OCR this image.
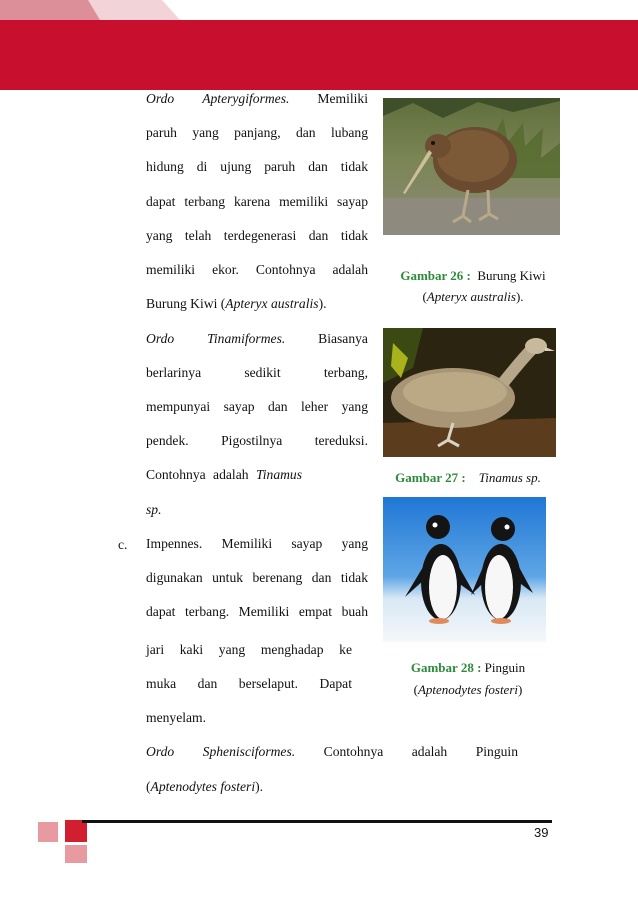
Ordo Apterygiformes. Memiliki
paruh yang panjang, dan lubang
hidung di ujung paruh dan tidak
dapat terbang karena memiliki sayap
yang telah terdegenerasi dan tidak
memiliki ekor. Contohnya adalah
Burung Kiwi (Apteryx australis).
Ordo Tinamiformes. Biasanya
berlarinya	sedikit	terbang,
mempunyai sayap dan leher yang
pendek. Pigostilnya tereduksi.
Contohnya adalah Tinamus
sp.
c. Impennes. Memiliki sayap yang
digunakan untuk berenang dan tidak
dapat terbang. Memiliki empat buah
jari kaki yang menghadap ke
muka dan berselaput. Dapat
menyelam.
Ordo Sphenisciformes. Contohnya adalah Pinguin
(Aptenodytes fosteri).
Gambar 26 : Burung Kiwi
(Apteryx australis).
Gambar 27 : Tinamus sp.
Gambar 28 : Pinguin
(Aptenodytes fosteri)
39
